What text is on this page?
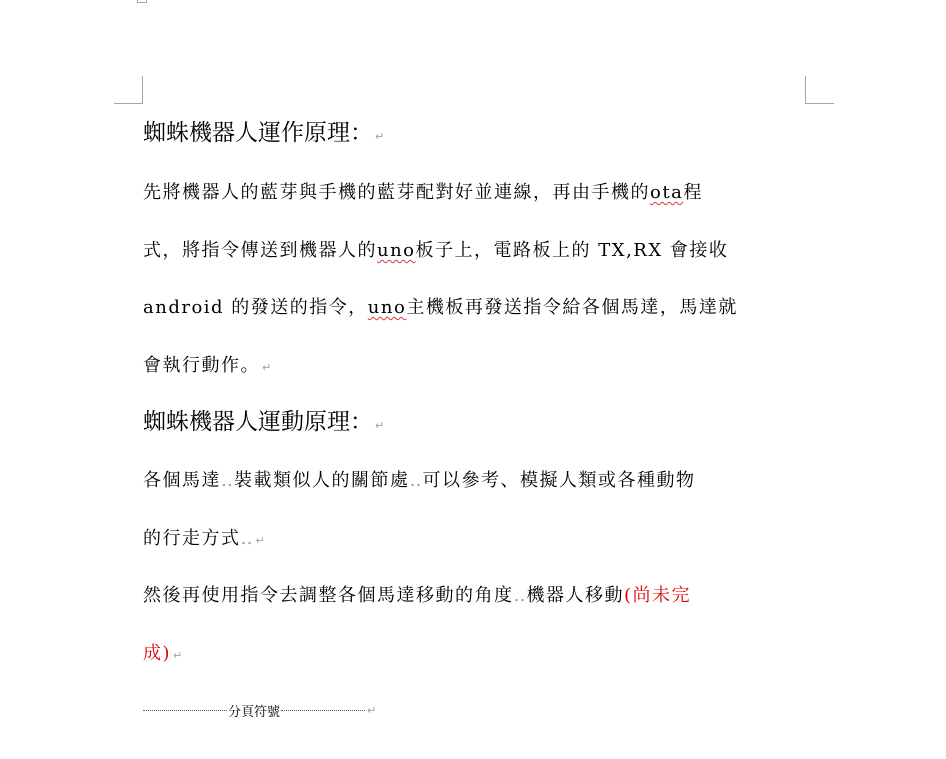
蜘蛛機器人運作原理： ↵
先將機器人的藍芽與手機的藍芽配對好並連線，再由手機的ota程
式，將指令傳送到機器人的uno板子上，電路板上的 TX,RX 會接收
android 的發送的指令，uno主機板再發送指令給各個馬達，馬達就
會執行動作。 ↵
蜘蛛機器人運動原理： ↵
各個馬達‥裝載類似人的關節處‥可以參考、模擬人類或各種動物
的行走方式‥ ↵
然後再使用指令去調整各個馬達移動的角度‥機器人移動(尚未完
成) ↵
分頁符號	↵
